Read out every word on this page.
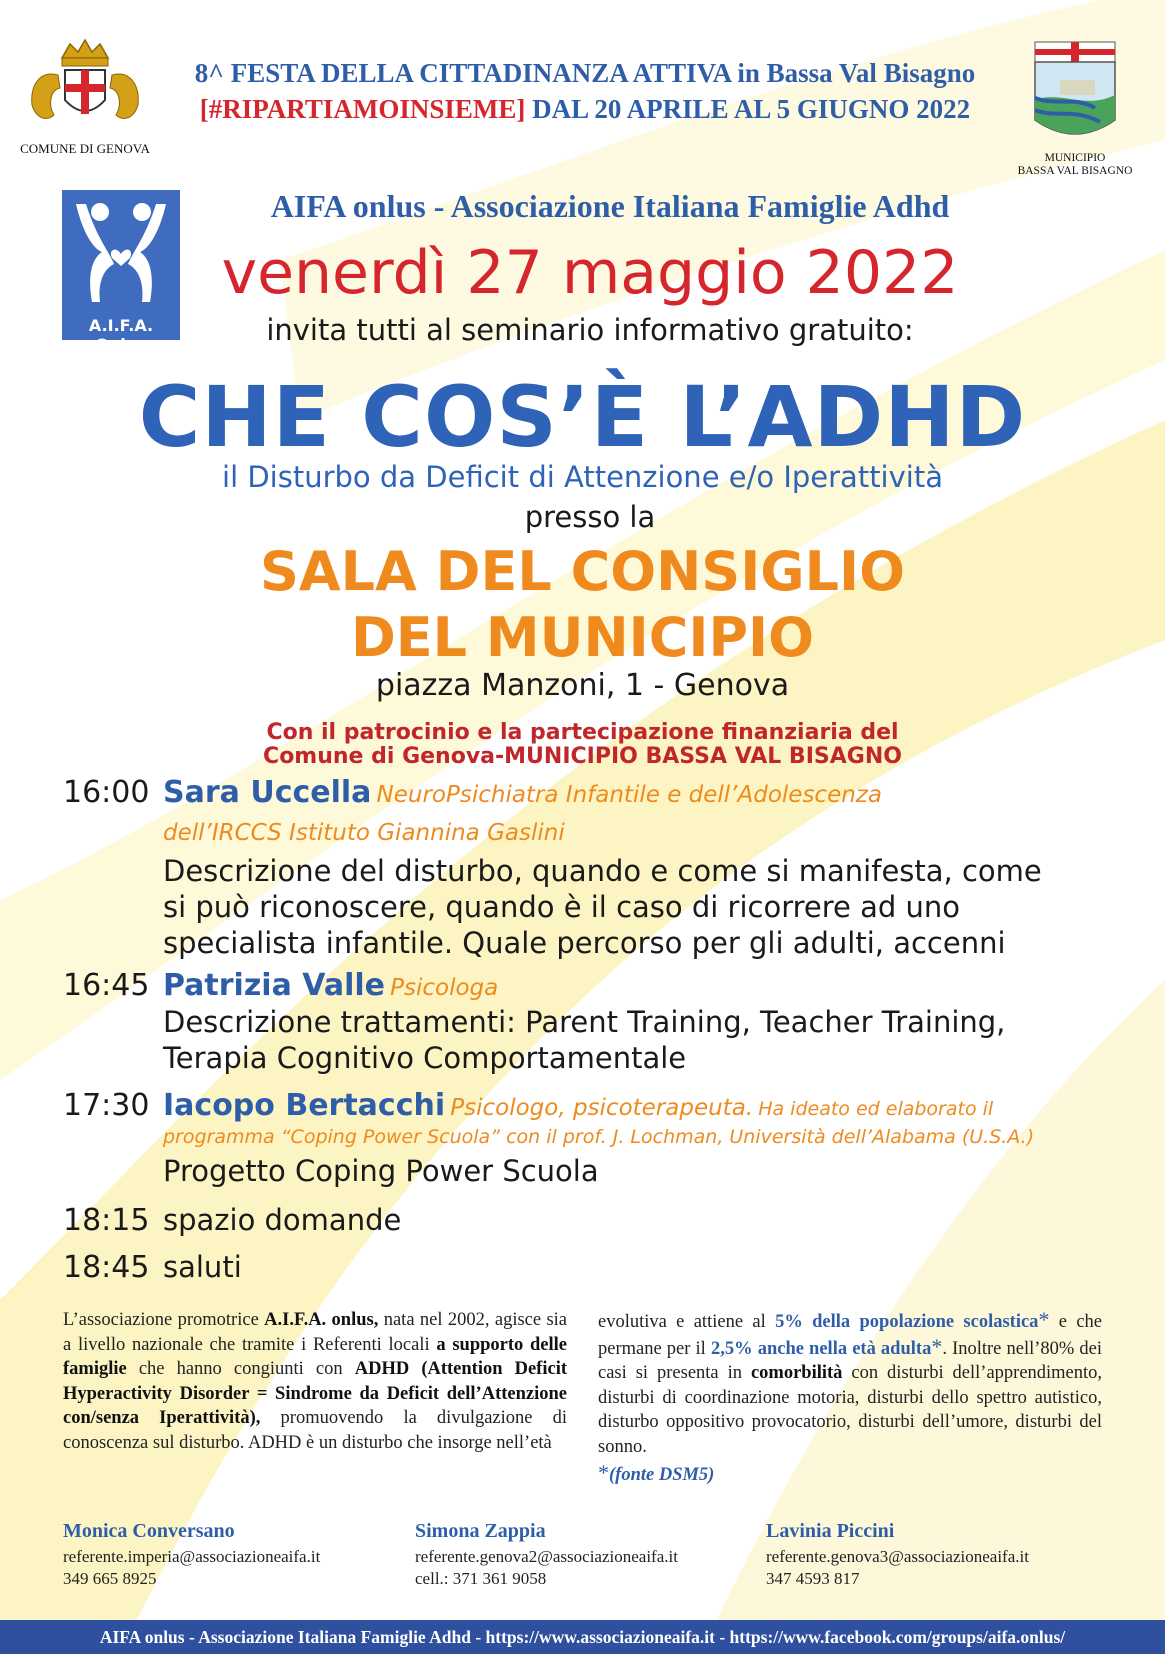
COMUNE DI GENOVA
MUNICIPIO
BASSA VAL BISAGNO
8^ FESTA DELLA CITTADINANZA ATTIVA in Bassa Val Bisagno
[#RIPARTIAMOINSIEME] DAL 20 APRILE AL 5 GIUGNO 2022
A.I.F.A. Onlus
AIFA onlus - Associazione Italiana Famiglie Adhd
venerdì 27 maggio 2022
invita tutti al seminario informativo gratuito:
CHE COS’È L’ADHD
il Disturbo da Deficit di Attenzione e/o Iperattività
presso la
SALA DEL CONSIGLIO
DEL MUNICIPIO
piazza Manzoni, 1 - Genova
Con il patrocinio e la partecipazione finanziaria del
Comune di Genova-MUNICIPIO BASSA VAL BISAGNO
16:00 Sara Uccella NeuroPsichiatra Infantile e dell’Adolescenza
dell’IRCCS Istituto Giannina Gaslini
Descrizione del disturbo, quando e come si manifesta, come
si può riconoscere, quando è il caso di ricorrere ad uno
specialista infantile. Quale percorso per gli adulti, accenni
16:45 Patrizia Valle Psicologa
Descrizione trattamenti: Parent Training, Teacher Training,
Terapia Cognitivo Comportamentale
17:30 Iacopo Bertacchi Psicologo, psicoterapeuta. Ha ideato ed elaborato il
programma “Coping Power Scuola” con il prof. J. Lochman, Università dell’Alabama (U.S.A.)
Progetto Coping Power Scuola
18:15 spazio domande
18:45 saluti
L’associazione promotrice A.I.F.A. onlus, nata nel 2002, agisce sia a livello nazionale che tramite i Referenti locali a supporto delle famiglie che hanno congiunti con ADHD (Attention Deficit Hyperactivity Disorder = Sindrome da Deficit dell’Attenzione con/senza Iperattività), promuovendo la divulgazione di conoscenza sul disturbo. ADHD è un disturbo che insorge nell’età
evolutiva e attiene al 5% della popolazione scolastica* e che permane per il 2,5% anche nella età adulta*. Inoltre nell’80% dei casi si presenta in comorbilità con disturbi dell’apprendimento, disturbi di coordinazione motoria, disturbi dello spettro autistico, disturbo oppositivo provocatorio, disturbi dell’umore, disturbi del sonno.
*(fonte DSM5)
Monica Conversano
referente.imperia@associazioneaifa.it
349 665 8925
Simona Zappia
referente.genova2@associazioneaifa.it
cell.: 371 361 9058
Lavinia Piccini
referente.genova3@associazioneaifa.it
347 4593 817
AIFA onlus - Associazione Italiana Famiglie Adhd - https://www.associazioneaifa.it - https://www.facebook.com/groups/aifa.onlus/
